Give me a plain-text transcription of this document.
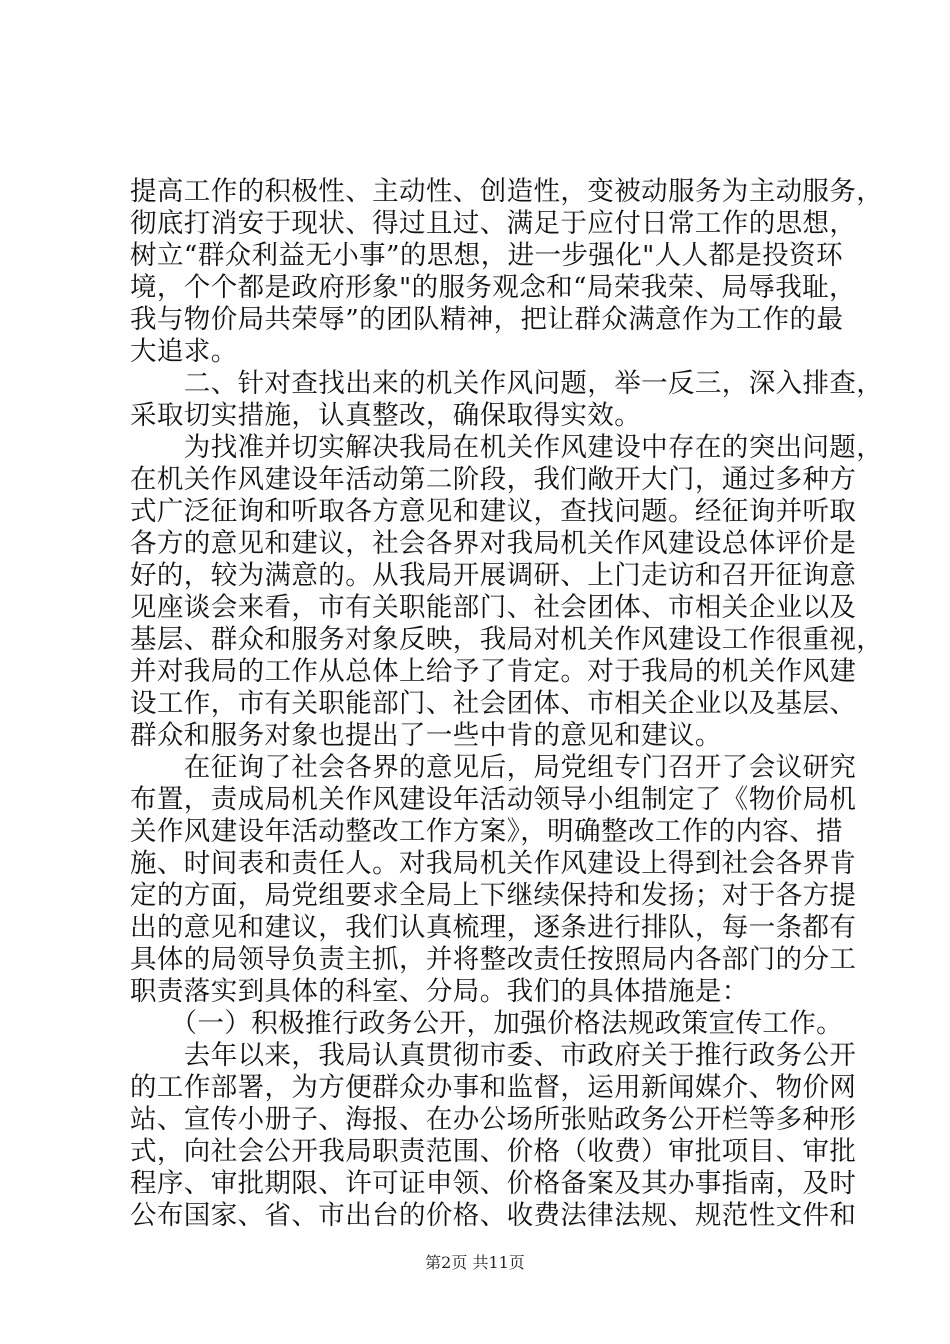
提高工作的积极性、主动性、创造性，变被动服务为主动服务，
彻底打消安于现状、得过且过、满足于应付日常工作的思想，
树立“群众利益无小事”的思想，进一步强化"人人都是投资环
境，个个都是政府形象"的服务观念和“局荣我荣、局辱我耻，
我与物价局共荣辱”的团队精神，把让群众满意作为工作的最
大追求。
　　二、针对查找出来的机关作风问题，举一反三，深入排查，
采取切实措施，认真整改，确保取得实效。
　　为找准并切实解决我局在机关作风建设中存在的突出问题，
在机关作风建设年活动第二阶段，我们敞开大门，通过多种方
式广泛征询和听取各方意见和建议，查找问题。经征询并听取
各方的意见和建议，社会各界对我局机关作风建设总体评价是
好的，较为满意的。从我局开展调研、上门走访和召开征询意
见座谈会来看，市有关职能部门、社会团体、市相关企业以及
基层、群众和服务对象反映，我局对机关作风建设工作很重视，
并对我局的工作从总体上给予了肯定。对于我局的机关作风建
设工作，市有关职能部门、社会团体、市相关企业以及基层、
群众和服务对象也提出了一些中肯的意见和建议。
　　在征询了社会各界的意见后，局党组专门召开了会议研究
布置，责成局机关作风建设年活动领导小组制定了《物价局机
关作风建设年活动整改工作方案》，明确整改工作的内容、措
施、时间表和责任人。对我局机关作风建设上得到社会各界肯
定的方面，局党组要求全局上下继续保持和发扬；对于各方提
出的意见和建议，我们认真梳理，逐条进行排队，每一条都有
具体的局领导负责主抓，并将整改责任按照局内各部门的分工
职责落实到具体的科室、分局。我们的具体措施是：
　　（一）积极推行政务公开，加强价格法规政策宣传工作。
　　去年以来，我局认真贯彻市委、市政府关于推行政务公开
的工作部署，为方便群众办事和监督，运用新闻媒介、物价网
站、宣传小册子、海报、在办公场所张贴政务公开栏等多种形
式，向社会公开我局职责范围、价格（收费）审批项目、审批
程序、审批期限、许可证申领、价格备案及其办事指南，及时
公布国家、省、市出台的价格、收费法律法规、规范性文件和
第2页 共11页
